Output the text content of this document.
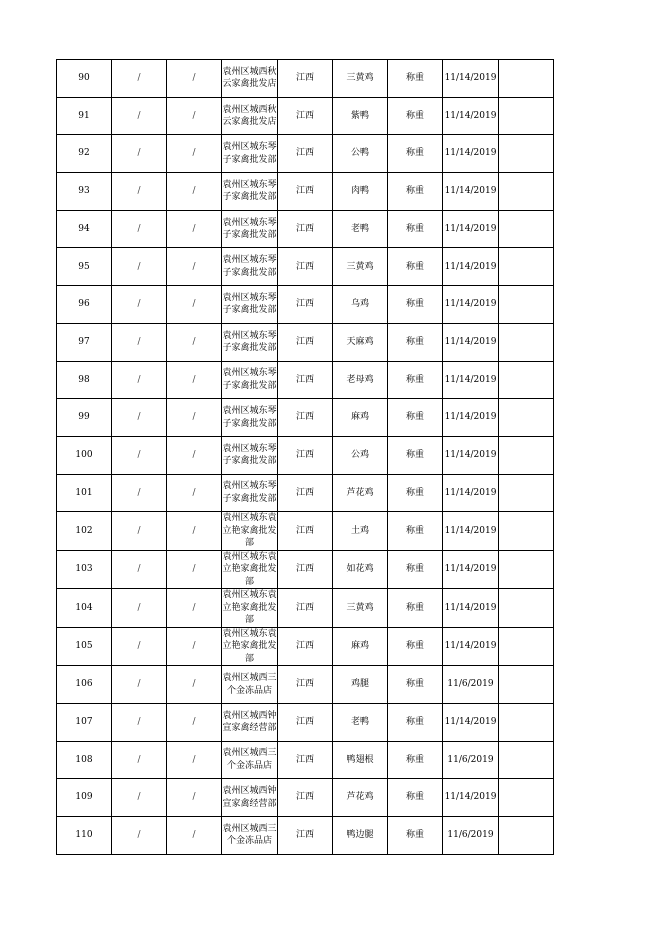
90	/	/	袁州区城西秋云家禽批发店	江西	三黄鸡	称重	11/14/2019	
91	/	/	袁州区城西秋云家禽批发店	江西	紫鸭	称重	11/14/2019	
92	/	/	袁州区城东琴子家禽批发部	江西	公鸭	称重	11/14/2019	
93	/	/	袁州区城东琴子家禽批发部	江西	肉鸭	称重	11/14/2019	
94	/	/	袁州区城东琴子家禽批发部	江西	老鸭	称重	11/14/2019	
95	/	/	袁州区城东琴子家禽批发部	江西	三黄鸡	称重	11/14/2019	
96	/	/	袁州区城东琴子家禽批发部	江西	乌鸡	称重	11/14/2019	
97	/	/	袁州区城东琴子家禽批发部	江西	天麻鸡	称重	11/14/2019	
98	/	/	袁州区城东琴子家禽批发部	江西	老母鸡	称重	11/14/2019	
99	/	/	袁州区城东琴子家禽批发部	江西	麻鸡	称重	11/14/2019	
100	/	/	袁州区城东琴子家禽批发部	江西	公鸡	称重	11/14/2019	
101	/	/	袁州区城东琴子家禽批发部	江西	芦花鸡	称重	11/14/2019	
102	/	/	袁州区城东袁立艳家禽批发部	江西	土鸡	称重	11/14/2019	
103	/	/	袁州区城东袁立艳家禽批发部	江西	如花鸡	称重	11/14/2019	
104	/	/	袁州区城东袁立艳家禽批发部	江西	三黄鸡	称重	11/14/2019	
105	/	/	袁州区城东袁立艳家禽批发部	江西	麻鸡	称重	11/14/2019	
106	/	/	袁州区城西三个金冻品店	江西	鸡腿	称重	11/6/2019	
107	/	/	袁州区城西钟宣家禽经营部	江西	老鸭	称重	11/14/2019	
108	/	/	袁州区城西三个金冻品店	江西	鸭翅根	称重	11/6/2019	
109	/	/	袁州区城西钟宣家禽经营部	江西	芦花鸡	称重	11/14/2019	
110	/	/	袁州区城西三个金冻品店	江西	鸭边腿	称重	11/6/2019	
